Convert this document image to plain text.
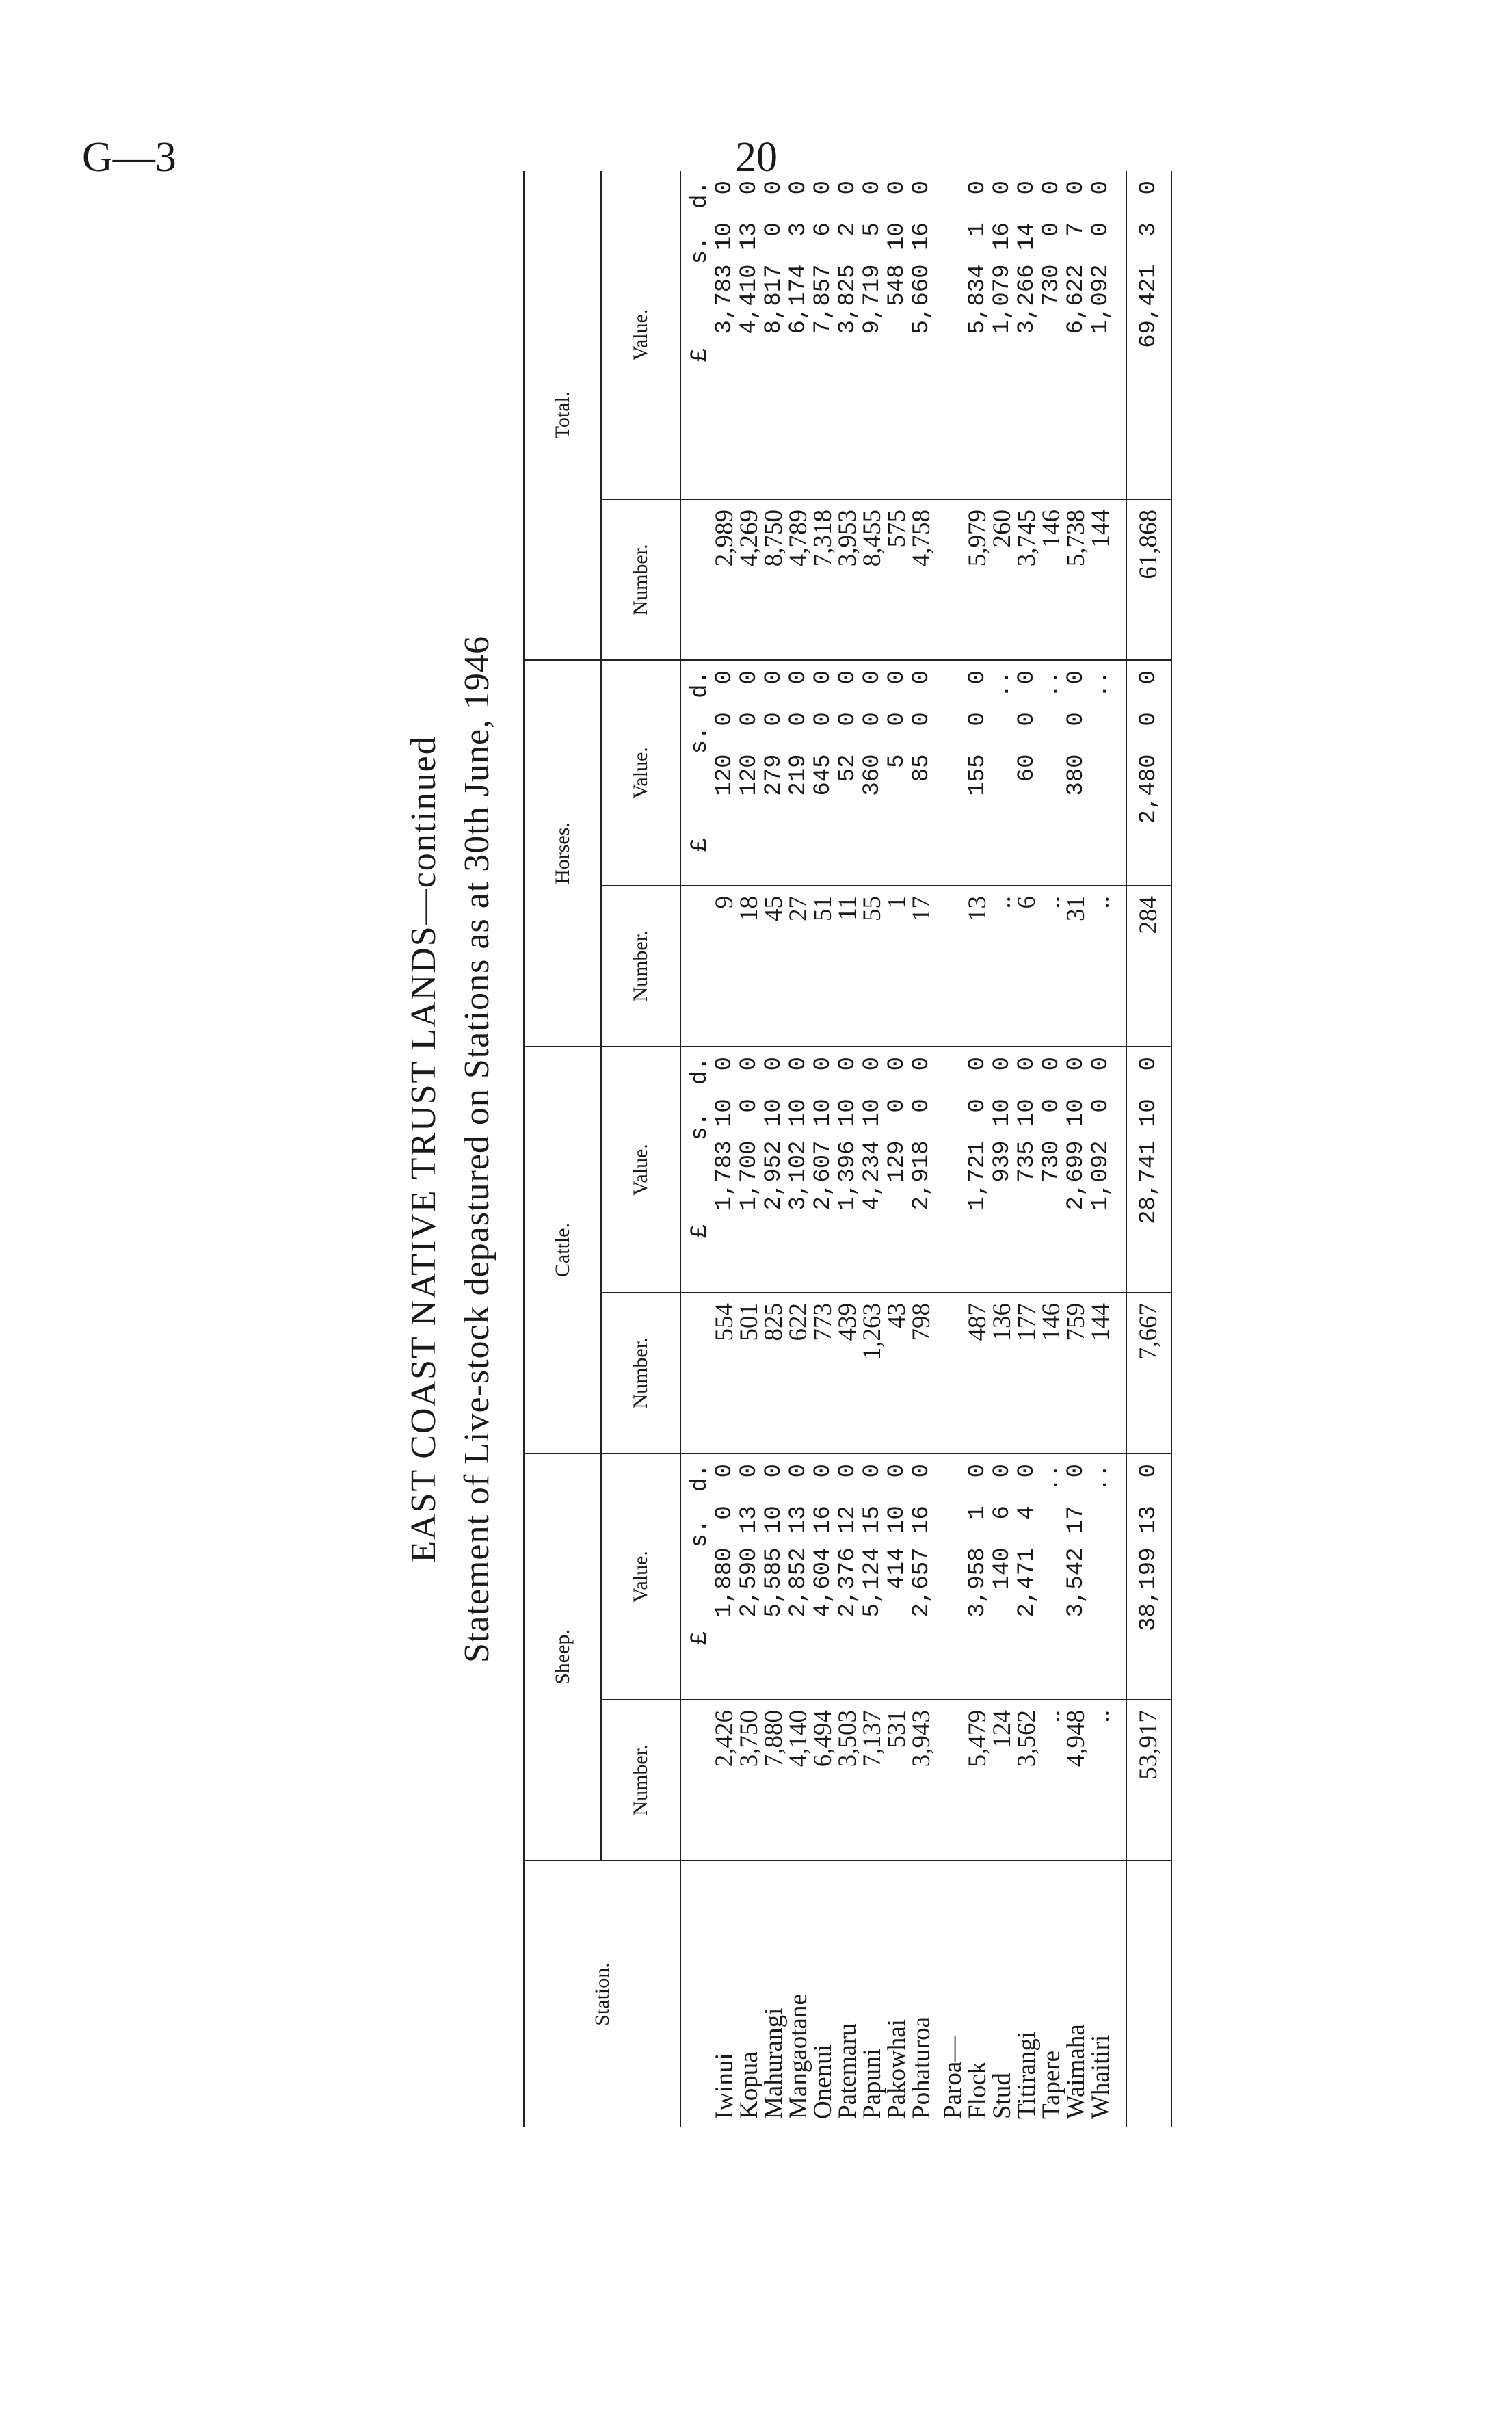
G—3	20
EAST COAST NATIVE TRUST LANDS—continued Statement of Live-stock depastured on Stations as at 30th June, 1946
Station.	Sheep.		Cattle.		Horses.		Total.	
	Number.	Value.	Number.	Value.	Number.	Value.	Number.	Value.
		£      s.  d.		£      s.  d.		£      s.  d.		£      s.  d.
Iwinui	2,426	1,880  0  0	554	1,783 10  0	9	120  0  0	2,989	3,783 10  0
Kopua	3,750	2,590 13  0	501	1,700  0  0	18	120  0  0	4,269	4,410 13  0
Mahurangi	7,880	5,585 10  0	825	2,952 10  0	45	279  0  0	8,750	8,817  0  0
Mangaotane	4,140	2,852 13  0	622	3,102 10  0	27	219  0  0	4,789	6,174  3  0
Onenui	6,494	4,604 16  0	773	2,607 10  0	51	645  0  0	7,318	7,857  6  0
Patemaru	3,503	2,376 12  0	439	1,396 10  0	11	52  0  0	3,953	3,825  2  0
Papuni	7,137	5,124 15  0	1,263	4,234 10  0	55	360  0  0	8,455	9,719  5  0
Pakowhai	531	414 10  0	43	129  0  0	1	5  0  0	575	548 10  0
Pohaturoa	3,943	2,657 16  0	798	2,918  0  0	17	85  0  0	4,758	5,660 16  0
Paroa—								
Flock	5,479	3,958  1  0	487	1,721  0  0	13	155  0  0	5,979	5,834  1  0
Stud	124	140  6  0	136	939 10  0	..	..	260	1,079 16  0
Titirangi	3,562	2,471  4  0	177	735 10  0	6	60  0  0	3,745	3,266 14  0
Tapere	..	..	146	730  0  0	..	..	146	730  0  0
Waimaha	4,948	3,542 17  0	759	2,699 10  0	31	380  0  0	5,738	6,622  7  0
Whaitiri	..	..	144	1,092  0  0	..	..	144	1,092  0  0
	53,917	38,199 13  0	7,667	28,741 10  0	284	2,480  0  0	61,868	69,421  3  0
